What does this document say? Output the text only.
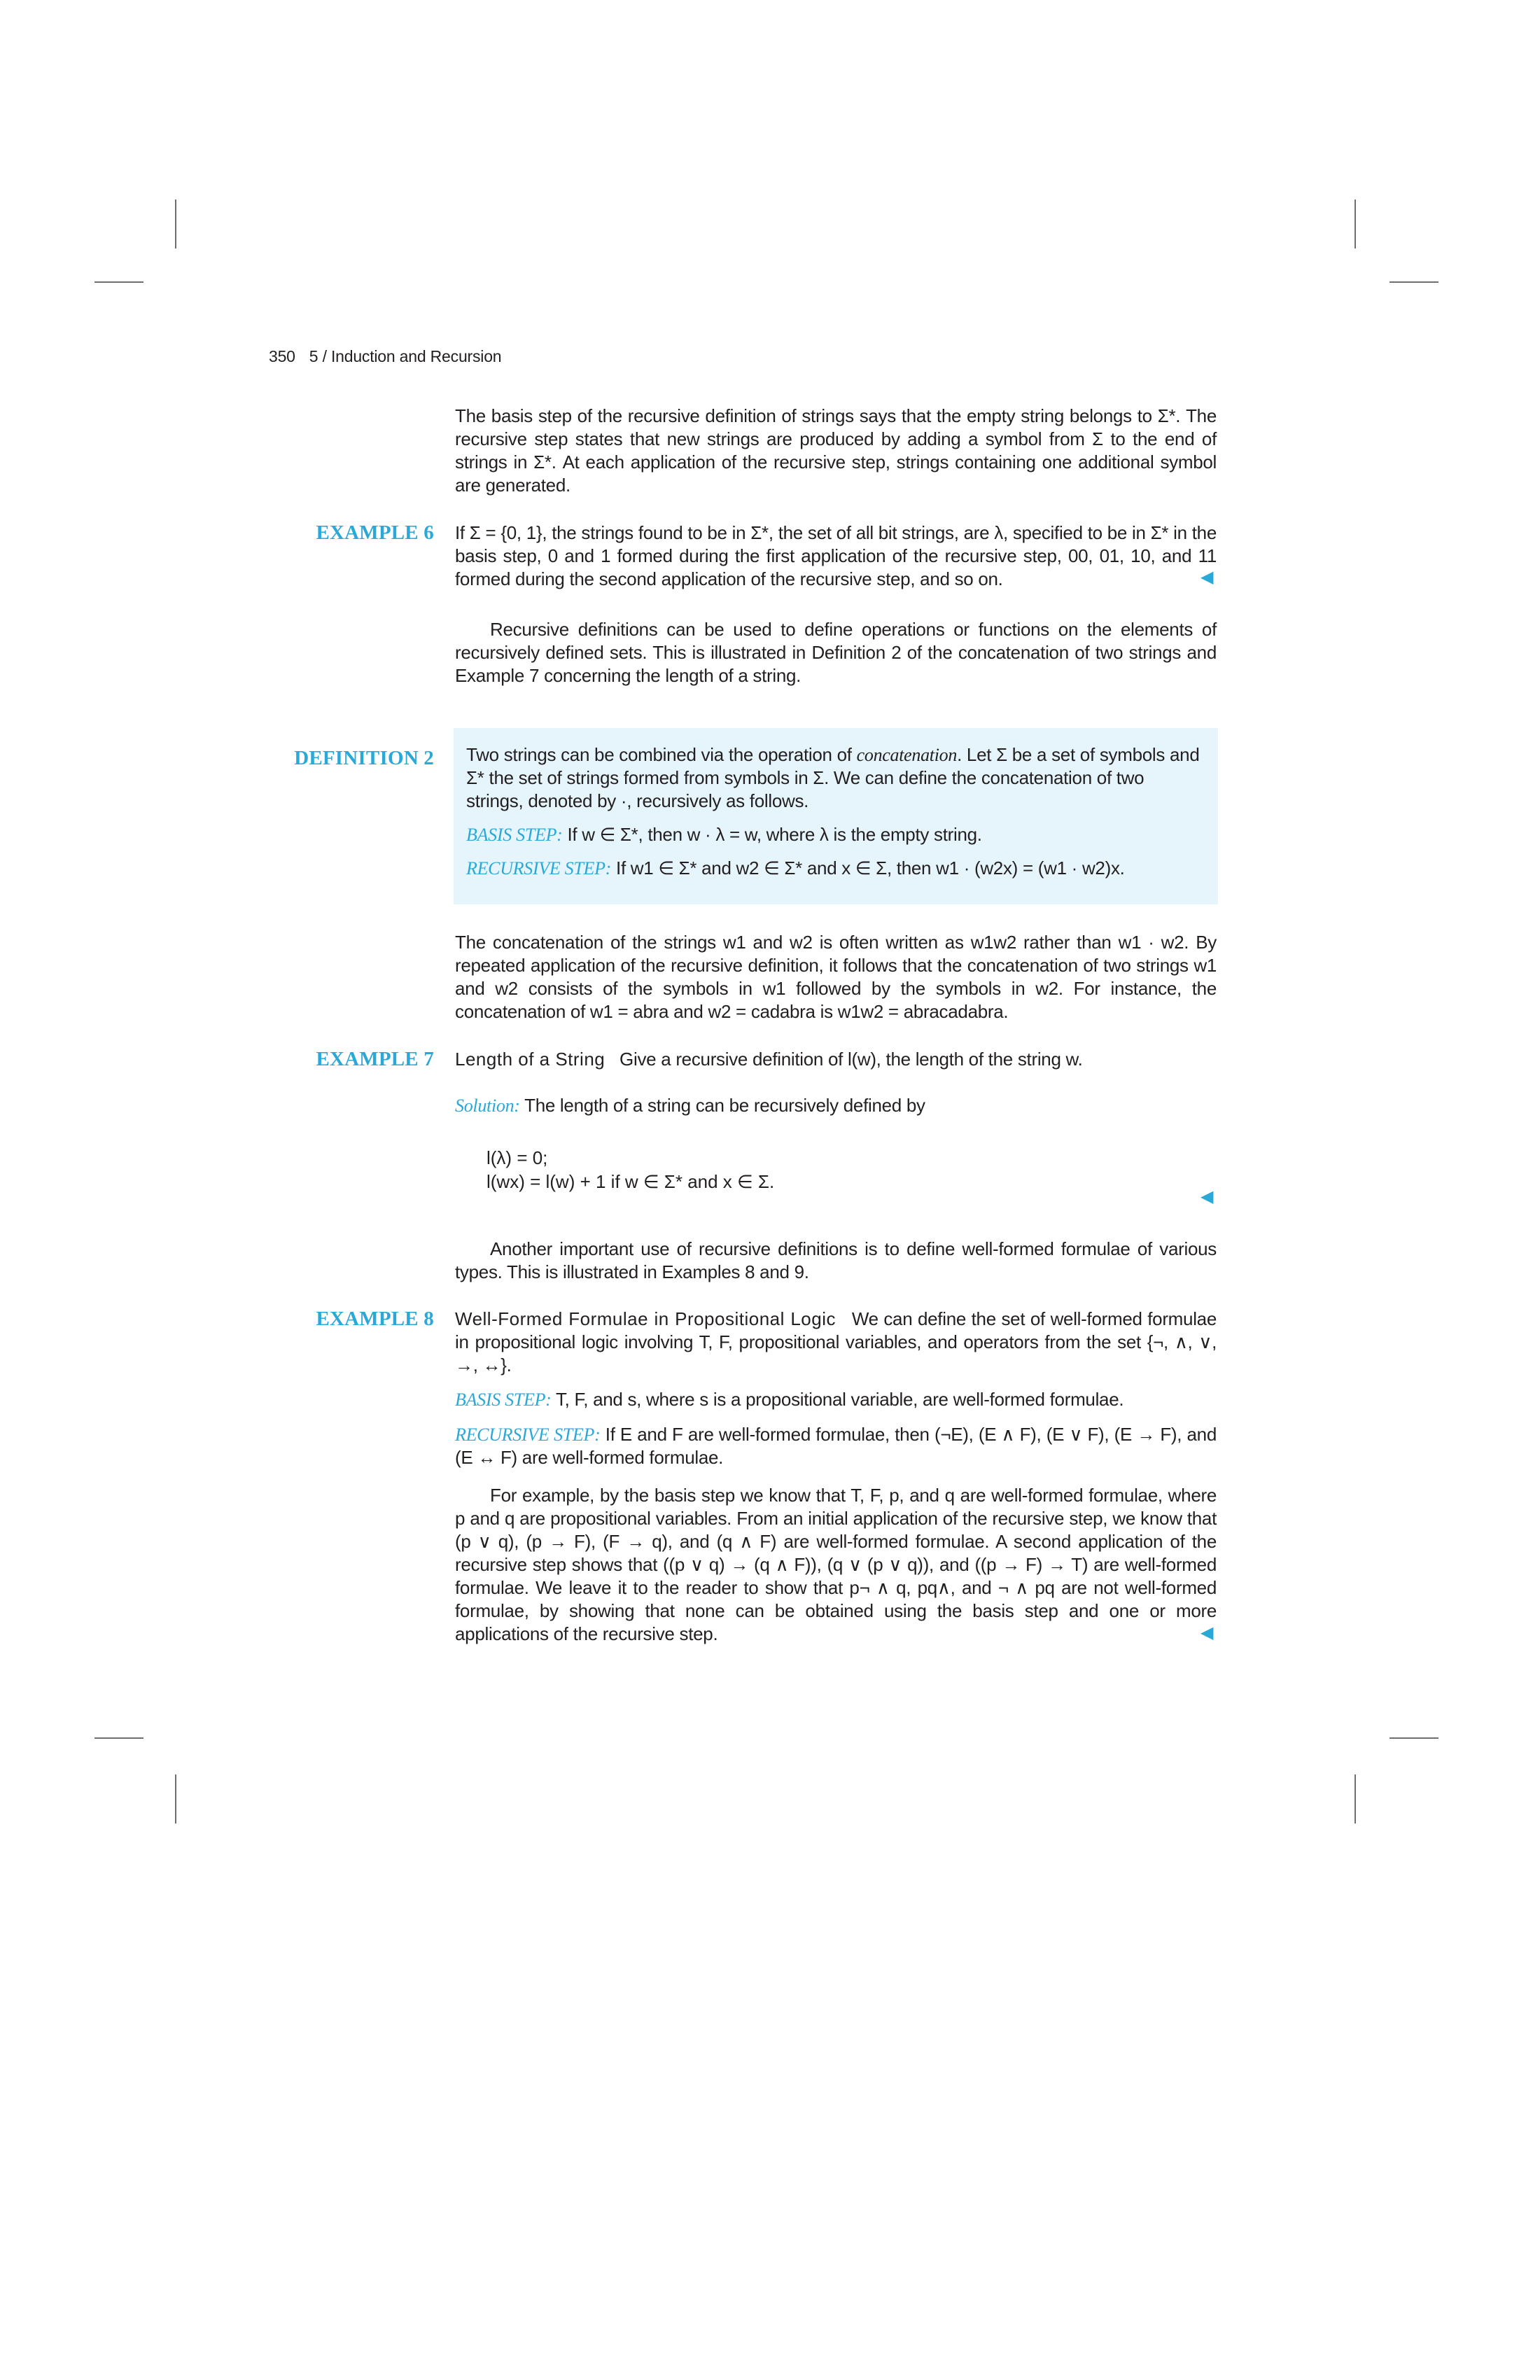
350 5 / Induction and Recursion
The basis step of the recursive definition of strings says that the empty string belongs to Σ*. The recursive step states that new strings are produced by adding a symbol from Σ to the end of strings in Σ*. At each application of the recursive step, strings containing one additional symbol are generated.
EXAMPLE 6 If Σ = {0, 1}, the strings found to be in Σ*, the set of all bit strings, are λ, specified to be in Σ* in the basis step, 0 and 1 formed during the first application of the recursive step, 00, 01, 10, and 11 formed during the second application of the recursive step, and so on.	◀
Recursive definitions can be used to define operations or functions on the elements of recursively defined sets. This is illustrated in Definition 2 of the concatenation of two strings and Example 7 concerning the length of a string.
DEFINITION 2 Two strings can be combined via the operation of concatenation. Let Σ be a set of symbols and Σ* the set of strings formed from symbols in Σ. We can define the concatenation of two strings, denoted by ·, recursively as follows.

BASIS STEP: If w ∈ Σ*, then w · λ = w, where λ is the empty string.

RECURSIVE STEP: If w1 ∈ Σ* and w2 ∈ Σ* and x ∈ Σ, then w1 · (w2x) = (w1 · w2)x.

The concatenation of the strings w1 and w2 is often written as w1w2 rather than w1 · w2. By repeated application of the recursive definition, it follows that the concatenation of two strings w1 and w2 consists of the symbols in w1 followed by the symbols in w2. For instance, the concatenation of w1 = abra and w2 = cadabra is w1w2 = abracadabra.
EXAMPLE 7 Length of a String Give a recursive definition of l(w), the length of the string w.
Solution: The length of a string can be recursively defined by
l(λ) = 0;
l(wx) = l(w) + 1 if w ∈ Σ* and x ∈ Σ.
◀
Another important use of recursive definitions is to define well-formed formulae of various types. This is illustrated in Examples 8 and 9.
EXAMPLE 8 Well-Formed Formulae in Propositional Logic We can define the set of well-formed formulae in propositional logic involving T, F, propositional variables, and operators from the set {¬, ∧, ∨, →, ↔}.
BASIS STEP: T, F, and s, where s is a propositional variable, are well-formed formulae.
RECURSIVE STEP: If E and F are well-formed formulae, then (¬E), (E ∧ F), (E ∨ F), (E → F), and (E ↔ F) are well-formed formulae.
For example, by the basis step we know that T, F, p, and q are well-formed formulae, where p and q are propositional variables. From an initial application of the recursive step, we know that (p ∨ q), (p → F), (F → q), and (q ∧ F) are well-formed formulae. A second application of the recursive step shows that ((p ∨ q) → (q ∧ F)), (q ∨ (p ∨ q)), and ((p → F) → T) are well-formed formulae. We leave it to the reader to show that p¬ ∧ q, pq∧, and ¬ ∧ pq are not well-formed formulae, by showing that none can be obtained using the basis step and one or more applications of the recursive step.	◀
